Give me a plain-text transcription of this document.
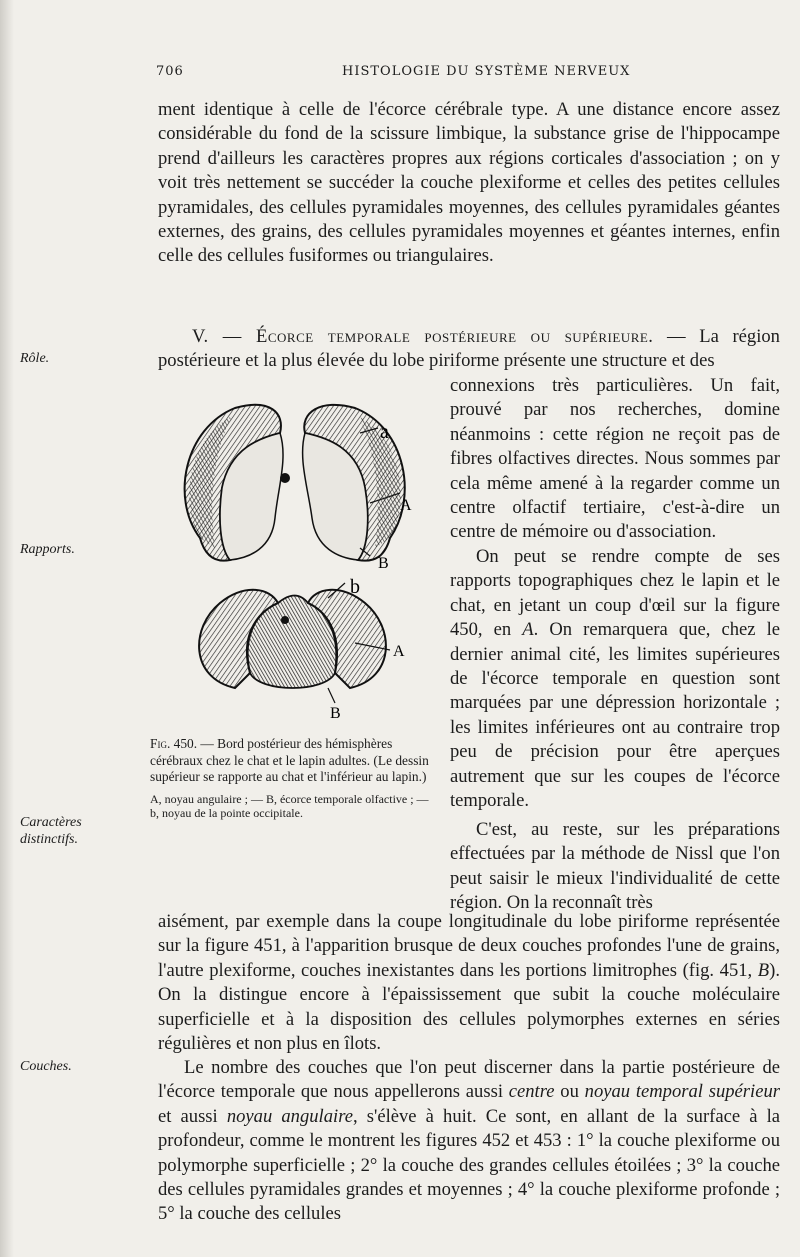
706	HISTOLOGIE DU SYSTÈME NERVEUX
Rôle.
Rapports.
Caractères distinctifs.
Couches.

ment identique à celle de l'écorce cérébrale type. A une distance encore assez considérable du fond de la scissure limbique, la substance grise de l'hippocampe prend d'ailleurs les caractères propres aux régions corticales d'association ; on y voit très nettement se succéder la couche plexiforme et celles des petites cellules pyramidales, des cellules pyramidales moyennes, des cellules pyramidales géantes externes, des grains, des cellules pyramidales moyennes et géantes internes, enfin celle des cellules fusiformes ou triangulaires.

V. — Écorce temporale postérieure ou supérieure. — La région postérieure et la plus élevée du lobe piriforme présente une structure et des

connexions très particulières. Un fait, prouvé par nos recherches, domine néanmoins : cette région ne reçoit pas de fibres olfactives directes. Nous sommes par cela même amené à la regarder comme un centre olfactif tertiaire, c'est-à-dire un centre de mémoire ou d'association.

On peut se rendre compte de ses rapports topographiques chez le lapin et le chat, en jetant un coup d'œil sur la figure 450, en A. On remarquera que, chez le dernier animal cité, les limites supérieures de l'écorce temporale en question sont marquées par une dépression horizontale ; les limites inférieures ont au contraire trop peu de précision pour être aperçues autrement que sur les coupes de l'écorce temporale.

C'est, au reste, sur les préparations effectuées par la méthode de Nissl que l'on peut saisir le mieux l'individualité de cette région. On la reconnaît très

aisément, par exemple dans la coupe longitudinale du lobe piriforme représentée sur la figure 451, à l'apparition brusque de deux couches profondes l'une de grains, l'autre plexiforme, couches inexistantes dans les portions limitrophes (fig. 451, B). On la distingue encore à l'épaississement que subit la couche moléculaire superficielle et à la disposition des cellules polymorphes externes en séries régulières et non plus en îlots.

Le nombre des couches que l'on peut discerner dans la partie postérieure de l'écorce temporale que nous appellerons aussi centre ou noyau temporal supérieur et aussi noyau angulaire, s'élève à huit. Ce sont, en allant de la surface à la profondeur, comme le montrent les figures 452 et 453 : 1° la couche plexiforme ou polymorphe superficielle ; 2° la couche des grandes cellules étoilées ; 3° la couche des cellules pyramidales grandes et moyennes ; 4° la couche plexiforme profonde ; 5° la couche des cellules

a
A
B
b
A
B

Fig. 450. — Bord postérieur des hémisphères cérébraux chez le chat et le lapin adultes. (Le dessin supérieur se rapporte au chat et l'inférieur au lapin.)

A, noyau angulaire ; — B, écorce temporale olfactive ; — b, noyau de la pointe occipitale.
